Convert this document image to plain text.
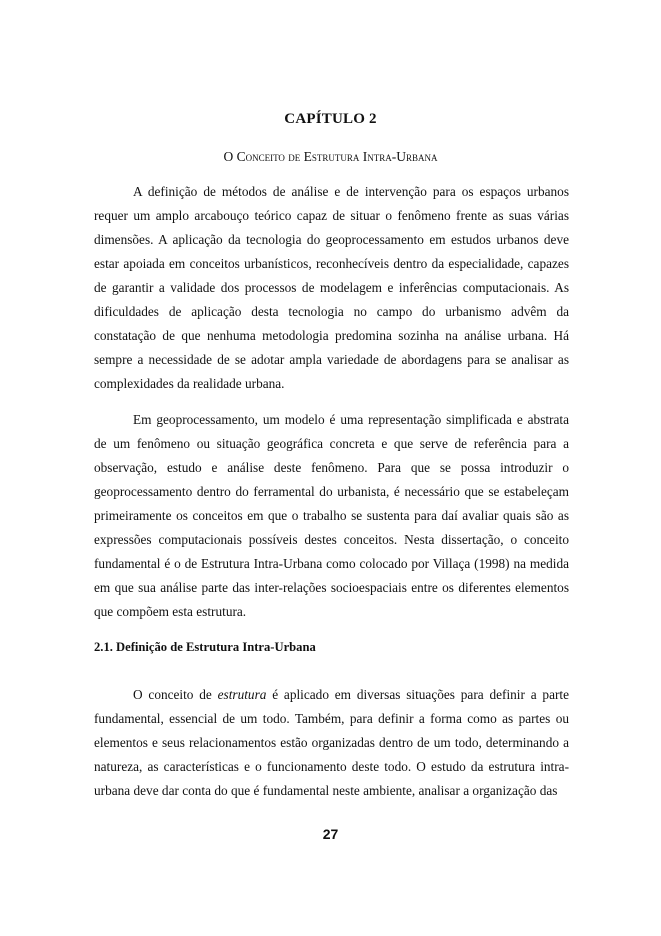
CAPÍTULO 2
O Conceito de Estrutura Intra-Urbana

A definição de métodos de análise e de intervenção para os espaços urbanos requer um amplo arcabouço teórico capaz de situar o fenômeno frente as suas várias dimensões. A aplicação da tecnologia do geoprocessamento em estudos urbanos deve estar apoiada em conceitos urbanísticos, reconhecíveis dentro da especialidade, capazes de garantir a validade dos processos de modelagem e inferências computacionais. As dificuldades de aplicação desta tecnologia no campo do urbanismo advêm da constatação de que nenhuma metodologia predomina sozinha na análise urbana. Há sempre a necessidade de se adotar ampla variedade de abordagens para se analisar as complexidades da realidade urbana.

Em geoprocessamento, um modelo é uma representação simplificada e abstrata de um fenômeno ou situação geográfica concreta e que serve de referência para a observação, estudo e análise deste fenômeno. Para que se possa introduzir o geoprocessamento dentro do ferramental do urbanista, é necessário que se estabeleçam primeiramente os conceitos em que o trabalho se sustenta para daí avaliar quais são as expressões computacionais possíveis destes conceitos. Nesta dissertação, o conceito fundamental é o de Estrutura Intra-Urbana como colocado por Villaça (1998) na medida em que sua análise parte das inter-relações socioespaciais entre os diferentes elementos que compõem esta estrutura.

2.1. Definição de Estrutura Intra-Urbana

O conceito de estrutura é aplicado em diversas situações para definir a parte fundamental, essencial de um todo. Também, para definir a forma como as partes ou elementos e seus relacionamentos estão organizadas dentro de um todo, determinando a natureza, as características e o funcionamento deste todo. O estudo da estrutura intra-urbana deve dar conta do que é fundamental neste ambiente, analisar a organização das

27
